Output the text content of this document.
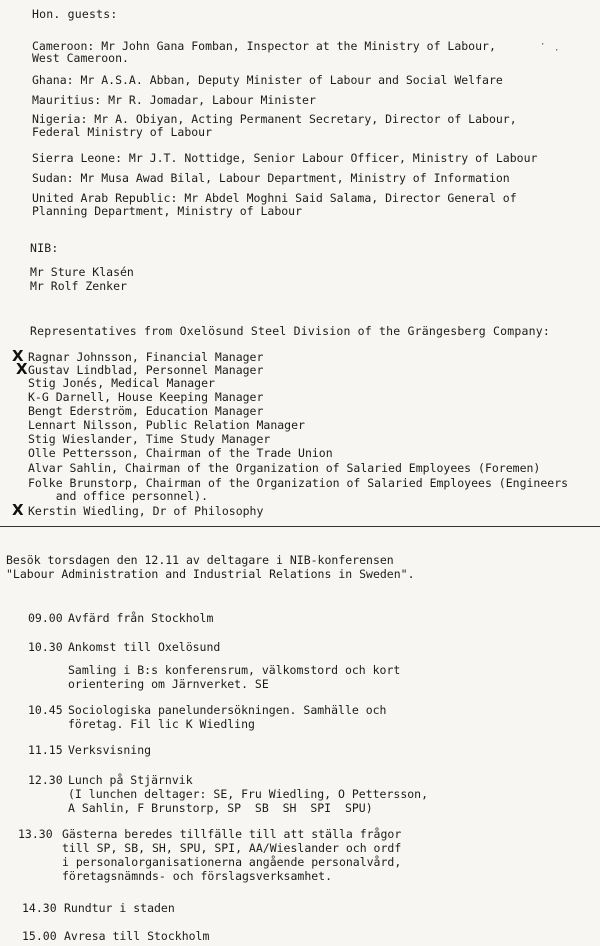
Hon. guests:
Cameroon: Mr John Gana Fomban, Inspector at the Ministry of Labour,
West Cameroon.
·
·
Ghana: Mr A.S.A. Abban, Deputy Minister of Labour and Social Welfare
Mauritius: Mr R. Jomadar, Labour Minister
Nigeria: Mr A. Obiyan, Acting Permanent Secretary, Director of Labour,
Federal Ministry of Labour
Sierra Leone: Mr J.T. Nottidge, Senior Labour Officer, Ministry of Labour
Sudan: Mr Musa Awad Bilal, Labour Department, Ministry of Information
United Arab Republic: Mr Abdel Moghni Said Salama, Director General of
Planning Department, Ministry of Labour
NIB:
Mr Sture Klasén
Mr Rolf Zenker
Representatives from Oxelösund Steel Division of the Grängesberg Company:
X Ragnar Johnsson, Financial Manager
X Gustav Lindblad, Personnel Manager
Stig Jonés, Medical Manager
K-G Darnell, House Keeping Manager
Bengt Ederström, Education Manager
Lennart Nilsson, Public Relation Manager
Stig Wieslander, Time Study Manager
Olle Pettersson, Chairman of the Trade Union
Alvar Sahlin, Chairman of the Organization of Salaried Employees (Foremen)
Folke Brunstorp, Chairman of the Organization of Salaried Employees (Engineers
and office personnel).
X Kerstin Wiedling, Dr of Philosophy
Besök torsdagen den 12.11 av deltagare i NIB-konferensen
"Labour Administration and Industrial Relations in Sweden".
09.00 Avfärd från Stockholm
10.30 Ankomst till Oxelösund
Samling i B:s konferensrum, välkomstord och kort
orientering om Järnverket. SE
10.45 Sociologiska panelundersökningen. Samhälle och
företag. Fil lic K Wiedling
11.15 Verksvisning
12.30 Lunch på Stjärnvik
(I lunchen deltager: SE, Fru Wiedling, O Pettersson,
A Sahlin, F Brunstorp, SP  SB  SH  SPI  SPU)
13.30 Gästerna beredes tillfälle till att ställa frågor
till SP, SB, SH, SPU, SPI, AA/Wieslander och ordf
i personalorganisationerna angående personalvård,
företagsnämnds- och förslagsverksamhet.
14.30 Rundtur i staden
15.00 Avresa till Stockholm
